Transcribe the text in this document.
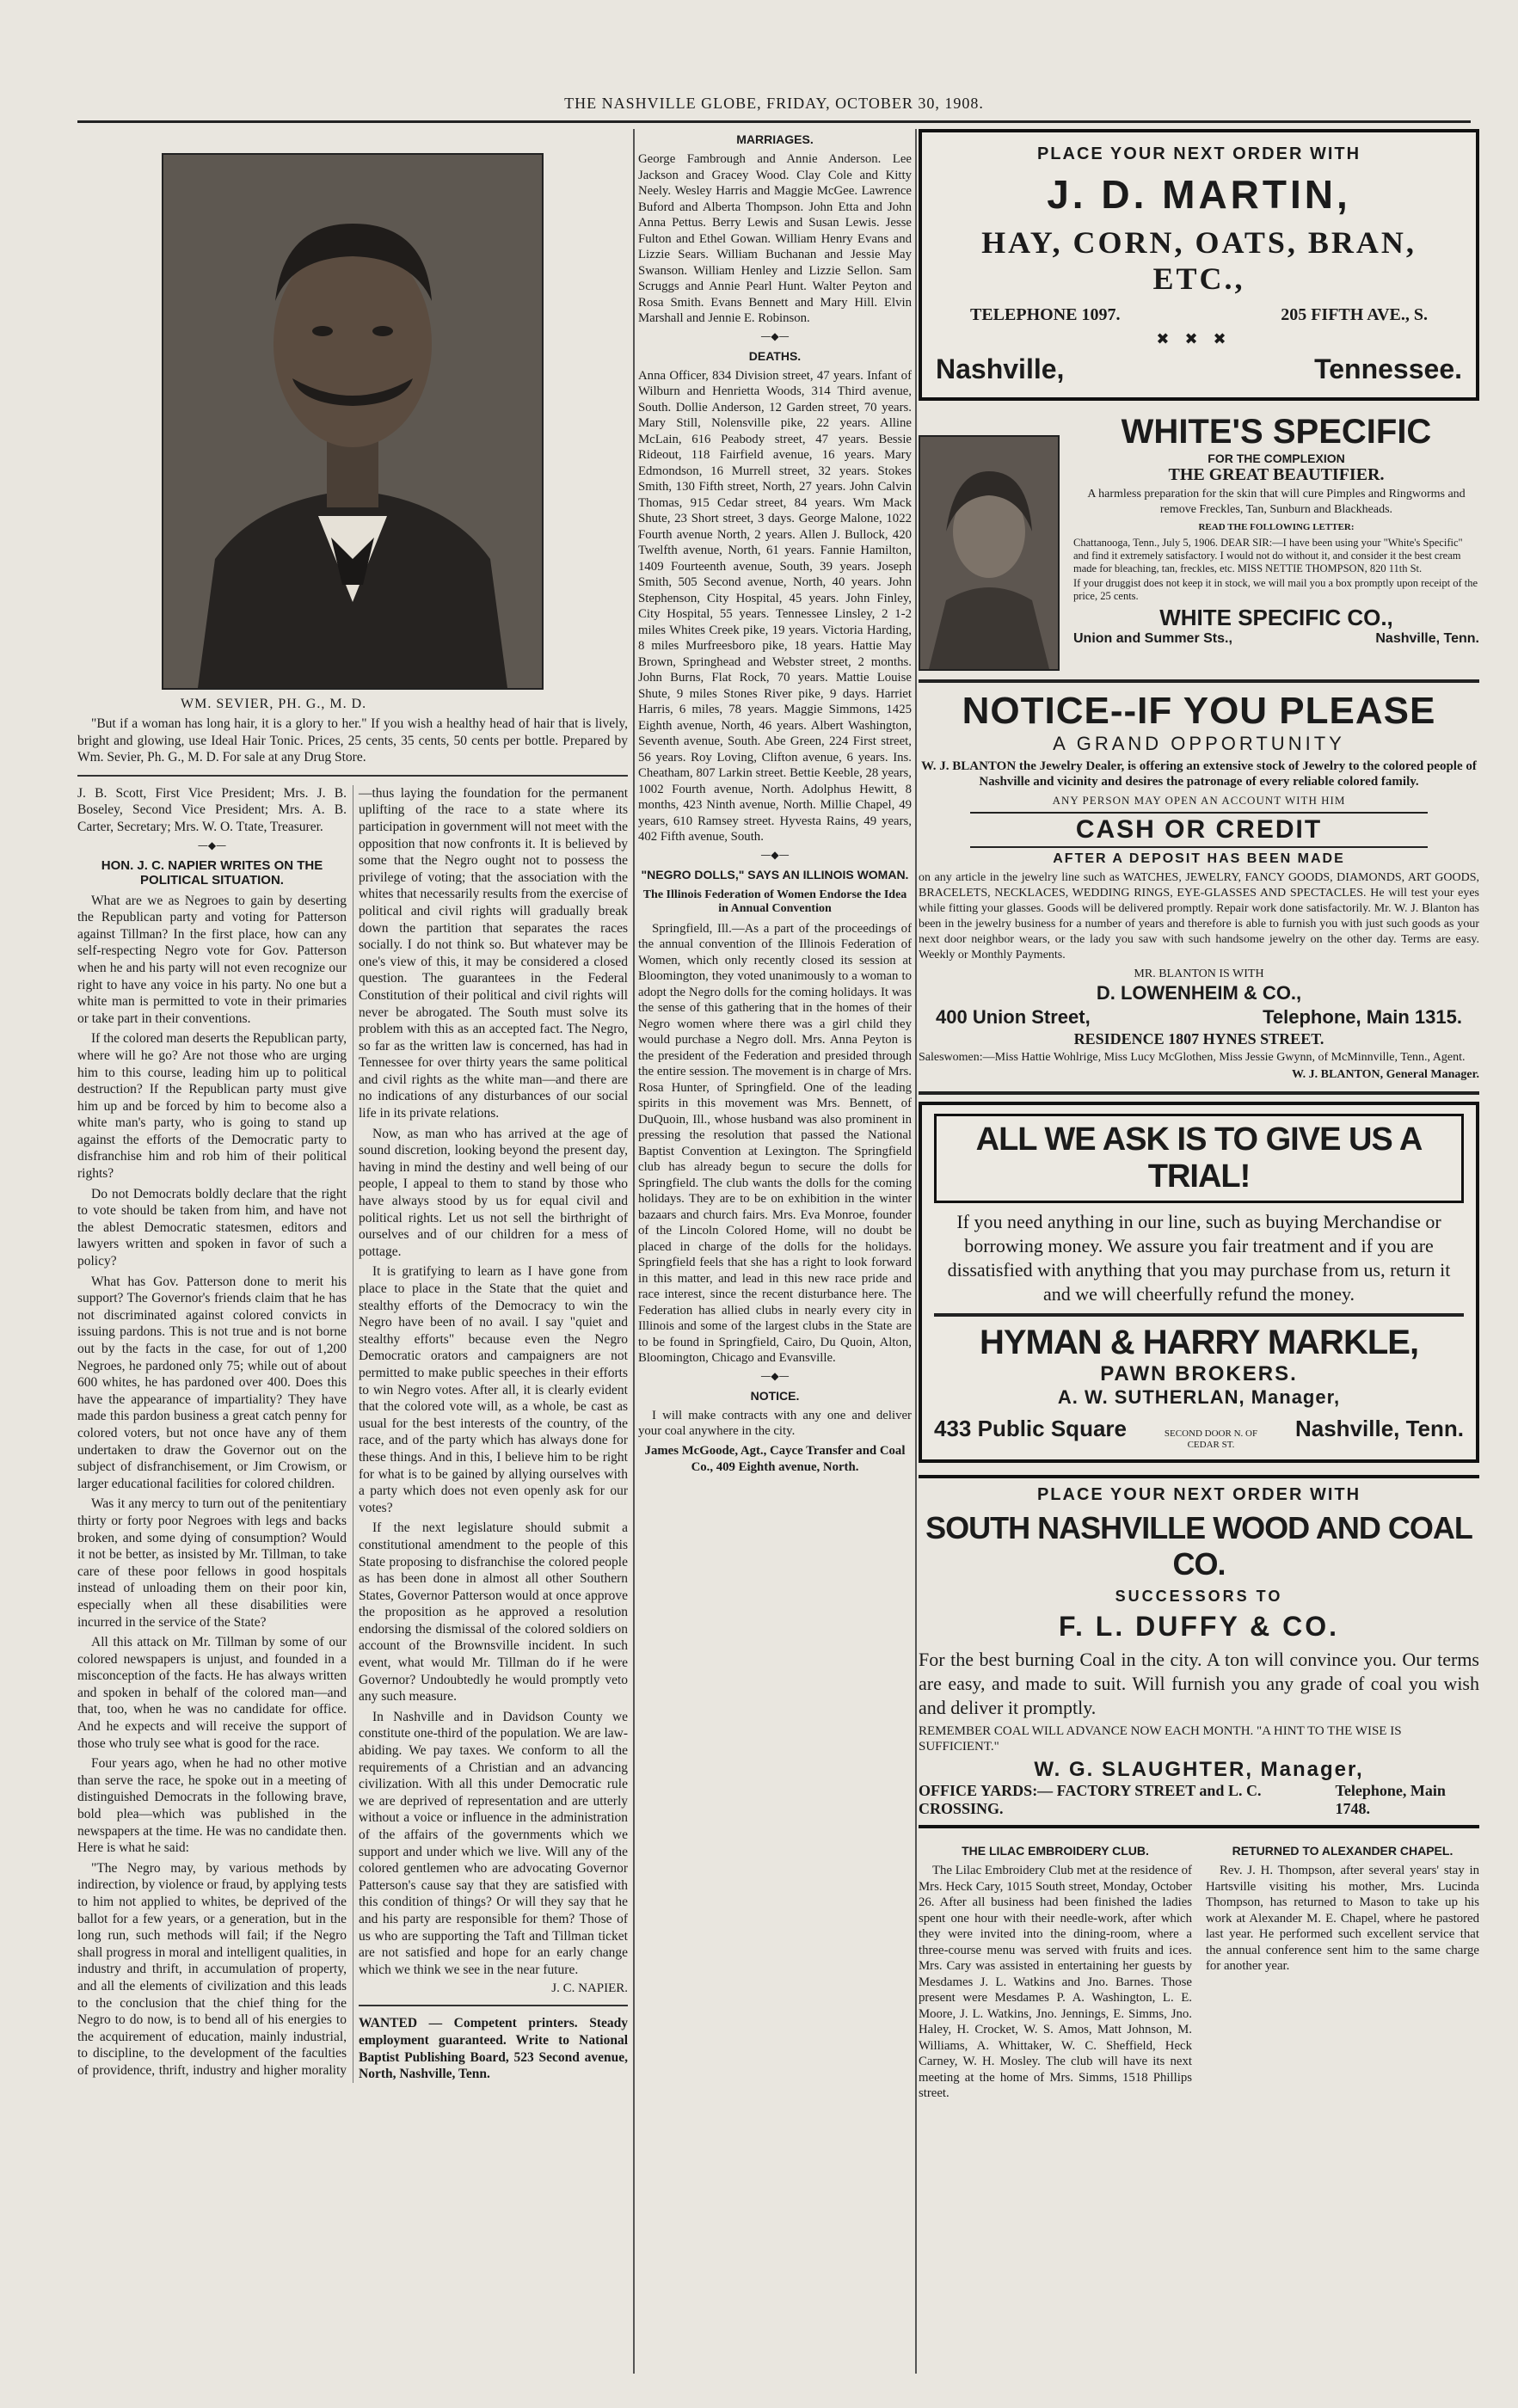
THE NASHVILLE GLOBE, FRIDAY, OCTOBER 30, 1908.
WM. SEVIER, PH. G., M. D.

"But if a woman has long hair, it is a glory to her." If you wish a healthy head of hair that is lively, bright and glowing, use Ideal Hair Tonic. Prices, 25 cents, 35 cents, 50 cents per bottle. Prepared by Wm. Sevier, Ph. G., M. D. For sale at any Drug Store.

J. B. Scott, First Vice President; Mrs. J. B. Boseley, Second Vice President; Mrs. A. B. Carter, Secretary; Mrs. W. O. Ttate, Treasurer.

—◆—
HON. J. C. NAPIER WRITES ON THE POLITICAL SITUATION.

What are we as Negroes to gain by deserting the Republican party and voting for Patterson against Tillman? In the first place, how can any self-respecting Negro vote for Gov. Patterson when he and his party will not even recognize our right to have any voice in his party. No one but a white man is permitted to vote in their primaries or take part in their conventions.

If the colored man deserts the Republican party, where will he go? Are not those who are urging him to this course, leading him up to political destruction? If the Republican party must give him up and be forced by him to become also a white man's party, who is going to stand up against the efforts of the Democratic party to disfranchise him and rob him of their political rights?

Do not Democrats boldly declare that the right to vote should be taken from him, and have not the ablest Democratic statesmen, editors and lawyers written and spoken in favor of such a policy?

What has Gov. Patterson done to merit his support? The Governor's friends claim that he has not discriminated against colored convicts in issuing pardons. This is not true and is not borne out by the facts in the case, for out of 1,200 Negroes, he pardoned only 75; while out of about 600 whites, he has pardoned over 400. Does this have the appearance of impartiality? They have made this pardon business a great catch penny for colored voters, but not once have any of them undertaken to draw the Governor out on the subject of disfranchisement, or Jim Crowism, or larger educational facilities for colored children.

Was it any mercy to turn out of the penitentiary thirty or forty poor Negroes with legs and backs broken, and some dying of consumption? Would it not be better, as insisted by Mr. Tillman, to take care of these poor fellows in good hospitals instead of unloading them on their poor kin, especially when all these disabilities were incurred in the service of the State?

All this attack on Mr. Tillman by some of our colored newspapers is unjust, and founded in a misconception of the facts. He has always written and spoken in behalf of the colored man—and that, too, when he was no candidate for office. And he expects and will receive the support of those who truly see what is good for the race.

Four years ago, when he had no other motive than serve the race, he spoke out in a meeting of distinguished Democrats in the following brave, bold plea—which was published in the newspapers at the time. He was no candidate then. Here is what he said:

"The Negro may, by various methods by indirection, by violence or fraud, by applying tests to him not applied to whites, be deprived of the ballot for a few years, or a generation, but in the long run, such methods will fail; if the Negro shall progress in moral and intelligent qualities, in industry and thrift, in accumulation of property, and all the elements of civilization and this leads to the conclusion that the chief thing for the Negro to do now, is to bend all of his energies to the acquirement of education, mainly industrial, to discipline, to the development of the faculties of providence, thrift, industry and higher morality—thus laying the foundation for the permanent uplifting of the race to a state where its participation in government will not meet with the opposition that now confronts it. It is believed by some that the Negro ought not to possess the privilege of voting; that the association with the whites that necessarily results from the exercise of political and civil rights will gradually break down the partition that separates the races socially. I do not think so. But whatever may be one's view of this, it may be considered a closed question. The guarantees in the Federal Constitution of their political and civil rights will never be abrogated. The South must solve its problem with this as an accepted fact. The Negro, so far as the written law is concerned, has had in Tennessee for over thirty years the same political and civil rights as the white man—and there are no indications of any disturbances of our social life in its private relations.

Now, as man who has arrived at the age of sound discretion, looking beyond the present day, having in mind the destiny and well being of our people, I appeal to them to stand by those who have always stood by us for equal civil and political rights. Let us not sell the birthright of ourselves and of our children for a mess of pottage.

It is gratifying to learn as I have gone from place to place in the State that the quiet and stealthy efforts of the Democracy to win the Negro have been of no avail. I say "quiet and stealthy efforts" because even the Negro Democratic orators and campaigners are not permitted to make public speeches in their efforts to win Negro votes. After all, it is clearly evident that the colored vote will, as a whole, be cast as usual for the best interests of the country, of the race, and of the party which has always done for these things. And in this, I believe him to be right for what is to be gained by allying ourselves with a party which does not even openly ask for our votes?

If the next legislature should submit a constitutional amendment to the people of this State proposing to disfranchise the colored people as has been done in almost all other Southern States, Governor Patterson would at once approve the proposition as he approved a resolution endorsing the dismissal of the colored soldiers on account of the Brownsville incident. In such event, what would Mr. Tillman do if he were Governor? Undoubtedly he would promptly veto any such measure.

In Nashville and in Davidson County we constitute one-third of the population. We are law-abiding. We pay taxes. We conform to all the requirements of a Christian and an advancing civilization. With all this under Democratic rule we are deprived of representation and are utterly without a voice or influence in the administration of the affairs of the governments which we support and under which we live. Will any of the colored gentlemen who are advocating Governor Patterson's cause say that they are satisfied with this condition of things? Or will they say that he and his party are responsible for them? Those of us who are supporting the Taft and Tillman ticket are not satisfied and hope for an early change which we think we see in the near future.

J. C. NAPIER.

WANTED — Competent printers. Steady employment guaranteed. Write to National Baptist Publishing Board, 523 Second avenue, North, Nashville, Tenn.

MARRIAGES.

George Fambrough and Annie Anderson. Lee Jackson and Gracey Wood. Clay Cole and Kitty Neely. Wesley Harris and Maggie McGee. Lawrence Buford and Alberta Thompson. John Etta and John Anna Pettus. Berry Lewis and Susan Lewis. Jesse Fulton and Ethel Gowan. William Henry Evans and Lizzie Sears. William Buchanan and Jessie May Swanson. William Henley and Lizzie Sellon. Sam Scruggs and Annie Pearl Hunt. Walter Peyton and Rosa Smith. Evans Bennett and Mary Hill. Elvin Marshall and Jennie E. Robinson.

—◆—
DEATHS.

Anna Officer, 834 Division street, 47 years. Infant of Wilburn and Henrietta Woods, 314 Third avenue, South. Dollie Anderson, 12 Garden street, 70 years. Mary Still, Nolensville pike, 22 years. Alline McLain, 616 Peabody street, 47 years. Bessie Rideout, 118 Fairfield avenue, 16 years. Mary Edmondson, 16 Murrell street, 32 years. Stokes Smith, 130 Fifth street, North, 27 years. John Calvin Thomas, 915 Cedar street, 84 years. Wm Mack Shute, 23 Short street, 3 days. George Malone, 1022 Fourth avenue North, 2 years. Allen J. Bullock, 420 Twelfth avenue, North, 61 years. Fannie Hamilton, 1409 Fourteenth avenue, South, 39 years. Joseph Smith, 505 Second avenue, North, 40 years. John Stephenson, City Hospital, 45 years. John Finley, City Hospital, 55 years. Tennessee Linsley, 2 1-2 miles Whites Creek pike, 19 years. Victoria Harding, 8 miles Murfreesboro pike, 18 years. Hattie May Brown, Springhead and Webster street, 2 months. John Burns, Flat Rock, 70 years. Mattie Louise Shute, 9 miles Stones River pike, 9 days. Harriet Harris, 6 miles, 78 years. Maggie Simmons, 1425 Eighth avenue, North, 46 years. Albert Washington, Seventh avenue, South. Abe Green, 224 First street, 56 years. Roy Loving, Clifton avenue, 6 years. Ins. Cheatham, 807 Larkin street. Bettie Keeble, 28 years, 1002 Fourth avenue, North. Adolphus Hewitt, 8 months, 423 Ninth avenue, North. Millie Chapel, 49 years, 610 Ramsey street. Hyvesta Rains, 49 years, 402 Fifth avenue, South.

—◆—
"NEGRO DOLLS," SAYS AN ILLINOIS WOMAN.
The Illinois Federation of Women Endorse the Idea in Annual Convention

Springfield, Ill.—As a part of the proceedings of the annual convention of the Illinois Federation of Women, which only recently closed its session at Bloomington, they voted unanimously to a woman to adopt the Negro dolls for the coming holidays. It was the sense of this gathering that in the homes of their Negro women where there was a girl child they would purchase a Negro doll. Mrs. Anna Peyton is the president of the Federation and presided through the entire session. The movement is in charge of Mrs. Rosa Hunter, of Springfield. One of the leading spirits in this movement was Mrs. Bennett, of DuQuoin, Ill., whose husband was also prominent in pressing the resolution that passed the National Baptist Convention at Lexington. The Springfield club has already begun to secure the dolls for Springfield. The club wants the dolls for the coming holidays. They are to be on exhibition in the winter bazaars and church fairs. Mrs. Eva Monroe, founder of the Lincoln Colored Home, will no doubt be placed in charge of the dolls for the holidays. Springfield feels that she has a right to look forward in this matter, and lead in this new race pride and race interest, since the recent disturbance here. The Federation has allied clubs in nearly every city in Illinois and some of the largest clubs in the State are to be found in Springfield, Cairo, Du Quoin, Alton, Bloomington, Chicago and Evansville.

—◆—
NOTICE.

I will make contracts with any one and deliver your coal anywhere in the city.

James McGoode, Agt., Cayce Transfer and Coal Co., 409 Eighth avenue, North.

PLACE YOUR NEXT ORDER WITH
J. D. MARTIN,
HAY, CORN, OATS, BRAN, ETC.,
TELEPHONE 1097.	205 FIFTH AVE., S.
✖✖✖
Nashville,	Tennessee.
WHITE'S SPECIFIC
FOR THE COMPLEXION
THE GREAT BEAUTIFIER.

A harmless preparation for the skin that will cure Pimples and Ringworms and remove Freckles, Tan, Sunburn and Blackheads.

READ THE FOLLOWING LETTER:

Chattanooga, Tenn., July 5, 1906. DEAR SIR:—I have been using your "White's Specific" and find it extremely satisfactory. I would not do without it, and consider it the best cream made for bleaching, tan, freckles, etc. MISS NETTIE THOMPSON, 820 11th St.

If your druggist does not keep it in stock, we will mail you a box promptly upon receipt of the price, 25 cents.

WHITE SPECIFIC CO.,
Union and Summer Sts.,	Nashville, Tenn.
NOTICE--IF YOU PLEASE
A GRAND OPPORTUNITY

W. J. BLANTON the Jewelry Dealer, is offering an extensive stock of Jewelry to the colored people of Nashville and vicinity and desires the patronage of every reliable colored family.

ANY PERSON MAY OPEN AN ACCOUNT WITH HIM
CASH OR CREDIT
AFTER A DEPOSIT HAS BEEN MADE

on any article in the jewelry line such as WATCHES, JEWELRY, FANCY GOODS, DIAMONDS, ART GOODS, BRACELETS, NECKLACES, WEDDING RINGS, EYE-GLASSES AND SPECTACLES. He will test your eyes while fitting your glasses. Goods will be delivered promptly. Repair work done satisfactorily. Mr. W. J. Blanton has been in the jewelry business for a number of years and therefore is able to furnish you with just such goods as your next door neighbor wears, or the lady you saw with such handsome jewelry on the other day. Terms are easy. Weekly or Monthly Payments.

MR. BLANTON IS WITH
D. LOWENHEIM & CO.,
400 Union Street,	Telephone, Main 1315.
RESIDENCE 1807 HYNES STREET.

Saleswomen:—Miss Hattie Wohlrige, Miss Lucy McGlothen, Miss Jessie Gwynn, of McMinnville, Tenn., Agent.

W. J. BLANTON, General Manager.
ALL WE ASK IS TO GIVE US A TRIAL!

If you need anything in our line, such as buying Merchandise or borrowing money. We assure you fair treatment and if you are dissatisfied with anything that you may purchase from us, return it and we will cheerfully refund the money.

HYMAN & HARRY MARKLE,
PAWN BROKERS.
A. W. SUTHERLAN, Manager,
433 Public Square	SECOND DOOR N. OF CEDAR ST.
Nashville, Tenn.
PLACE YOUR NEXT ORDER WITH
SOUTH NASHVILLE WOOD AND COAL CO.
SUCCESSORS TO
F. L. DUFFY & CO.

For the best burning Coal in the city. A ton will convince you. Our terms are easy, and made to suit. Will furnish you any grade of coal you wish and deliver it promptly.

REMEMBER COAL WILL ADVANCE NOW EACH MONTH. "A HINT TO THE WISE IS SUFFICIENT."

W. G. SLAUGHTER, Manager,
OFFICE YARDS:— FACTORY STREET and L. C. CROSSING.
Telephone, Main 1748.
THE LILAC EMBROIDERY CLUB.

The Lilac Embroidery Club met at the residence of Mrs. Heck Cary, 1015 South street, Monday, October 26. After all business had been finished the ladies spent one hour with their needle-work, after which they were invited into the dining-room, where a three-course menu was served with fruits and ices. Mrs. Cary was assisted in entertaining her guests by Mesdames J. L. Watkins and Jno. Barnes. Those present were Mesdames P. A. Washington, L. E. Moore, J. L. Watkins, Jno. Jennings, E. Simms, Jno. Haley, H. Crocket, W. S. Amos, Matt Johnson, M. Williams, A. Whittaker, W. C. Sheffield, Heck Carney, W. H. Mosley. The club will have its next meeting at the home of Mrs. Simms, 1518 Phillips street.

RETURNED TO ALEXANDER CHAPEL.

Rev. J. H. Thompson, after several years' stay in Hartsville visiting his mother, Mrs. Lucinda Thompson, has returned to Mason to take up his work at Alexander M. E. Chapel, where he pastored last year. He performed such excellent service that the annual conference sent him to the same charge for another year.
